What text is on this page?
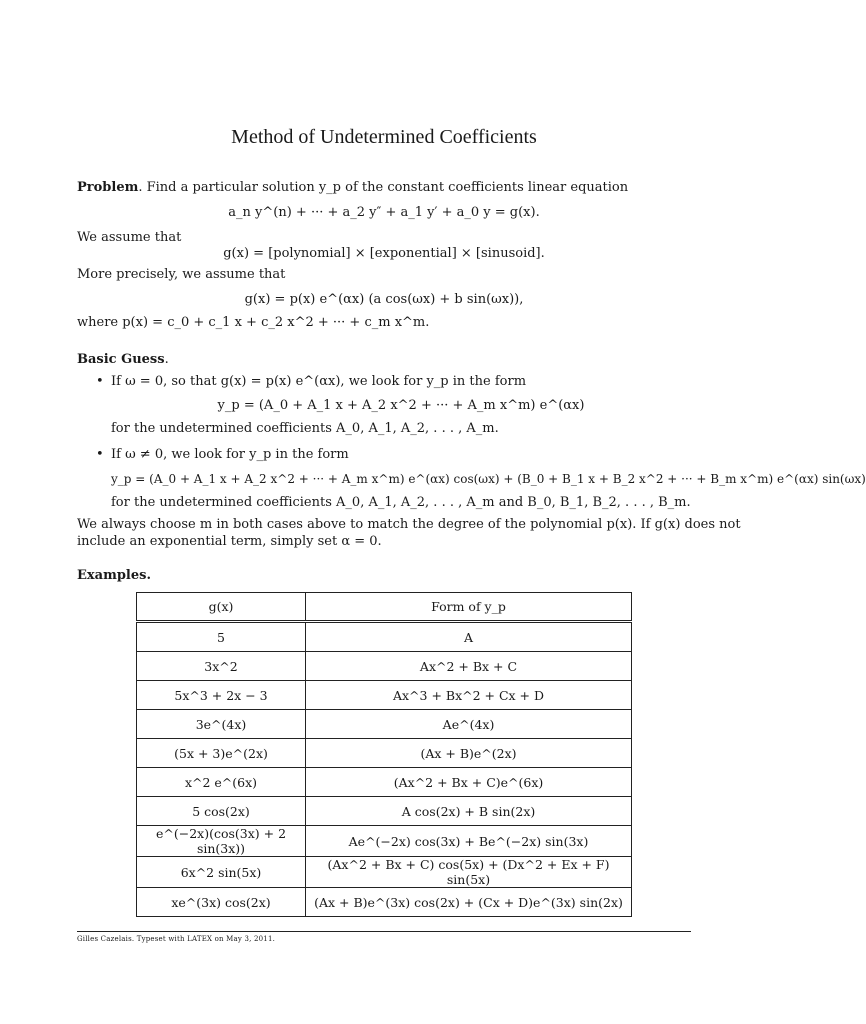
Method of Undetermined Coefficients
Problem. Find a particular solution y_p of the constant coefficients linear equation
a_n y^(n) + ··· + a_2 y″ + a_1 y′ + a_0 y = g(x).
We assume that
g(x) = [polynomial] × [exponential] × [sinusoid].
More precisely, we assume that
g(x) = p(x) e^(αx) (a cos(ωx) + b sin(ωx)),
where p(x) = c_0 + c_1 x + c_2 x^2 + ··· + c_m x^m.
Basic Guess.
• If ω = 0, so that g(x) = p(x) e^(αx), we look for y_p in the form
y_p = (A_0 + A_1 x + A_2 x^2 + ··· + A_m x^m) e^(αx)
for the undetermined coefficients A_0, A_1, A_2, . . . , A_m.
• If ω ≠ 0, we look for y_p in the form
y_p = (A_0 + A_1 x + A_2 x^2 + ··· + A_m x^m) e^(αx) cos(ωx) + (B_0 + B_1 x + B_2 x^2 + ··· + B_m x^m) e^(αx) sin(ωx)
for the undetermined coefficients A_0, A_1, A_2, . . . , A_m and B_0, B_1, B_2, . . . , B_m.
We always choose m in both cases above to match the degree of the polynomial p(x). If g(x) does not
include an exponential term, simply set α = 0.
Examples.
g(x)	Form of y_p
5	A
3x^2	Ax^2 + Bx + C
5x^3 + 2x − 3	Ax^3 + Bx^2 + Cx + D
3e^(4x)	Ae^(4x)
(5x + 3)e^(2x)	(Ax + B)e^(2x)
x^2 e^(6x)	(Ax^2 + Bx + C)e^(6x)
5 cos(2x)	A cos(2x) + B sin(2x)
e^(−2x)(cos(3x) + 2 sin(3x))	Ae^(−2x) cos(3x) + Be^(−2x) sin(3x)
6x^2 sin(5x)	(Ax^2 + Bx + C) cos(5x) + (Dx^2 + Ex + F) sin(5x)
xe^(3x) cos(2x)	(Ax + B)e^(3x) cos(2x) + (Cx + D)e^(3x) sin(2x)
Gilles Cazelais. Typeset with LATEX on May 3, 2011.
